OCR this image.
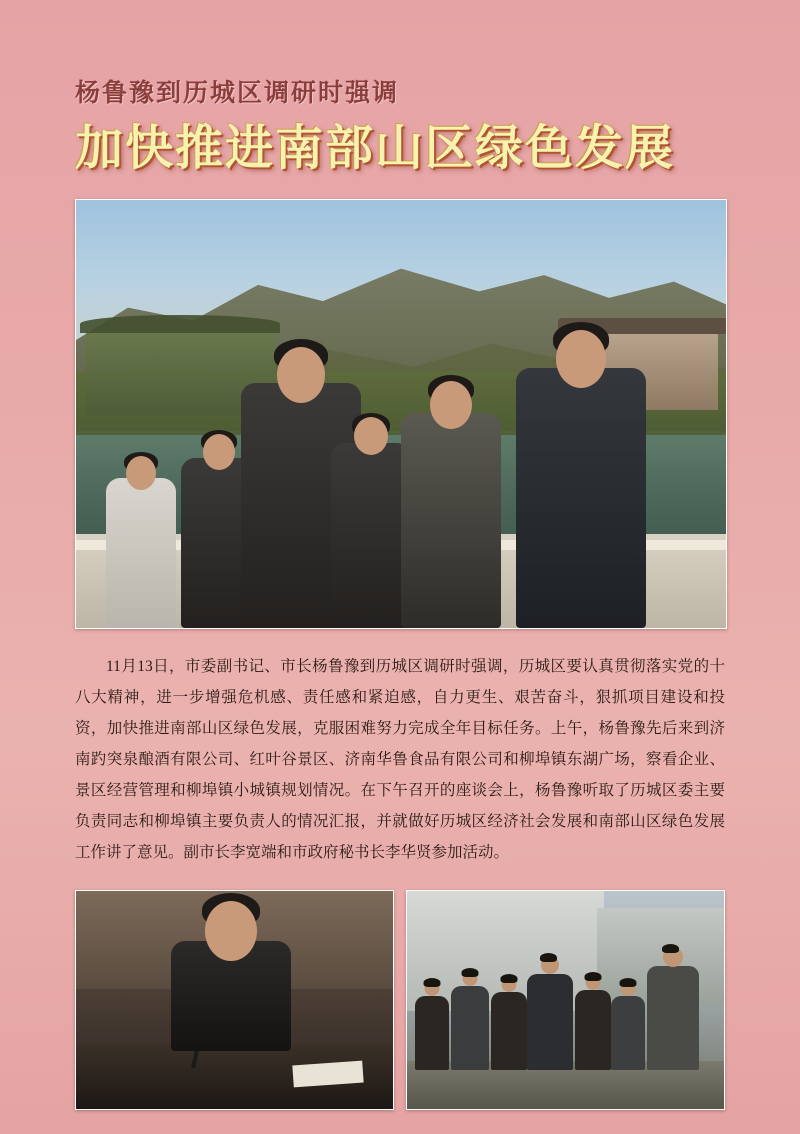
杨鲁豫到历城区调研时强调
加快推进南部山区绿色发展
11月13日，市委副书记、市长杨鲁豫到历城区调研时强调，历城区要认真贯彻落实党的十八大精神，进一步增强危机感、责任感和紧迫感，自力更生、艰苦奋斗，狠抓项目建设和投资，加快推进南部山区绿色发展，克服困难努力完成全年目标任务。上午，杨鲁豫先后来到济南趵突泉酿酒有限公司、红叶谷景区、济南华鲁食品有限公司和柳埠镇东湖广场，察看企业、景区经营管理和柳埠镇小城镇规划情况。在下午召开的座谈会上，杨鲁豫听取了历城区委主要负责同志和柳埠镇主要负责人的情况汇报，并就做好历城区经济社会发展和南部山区绿色发展工作讲了意见。副市长李宽端和市政府秘书长李华贤参加活动。
